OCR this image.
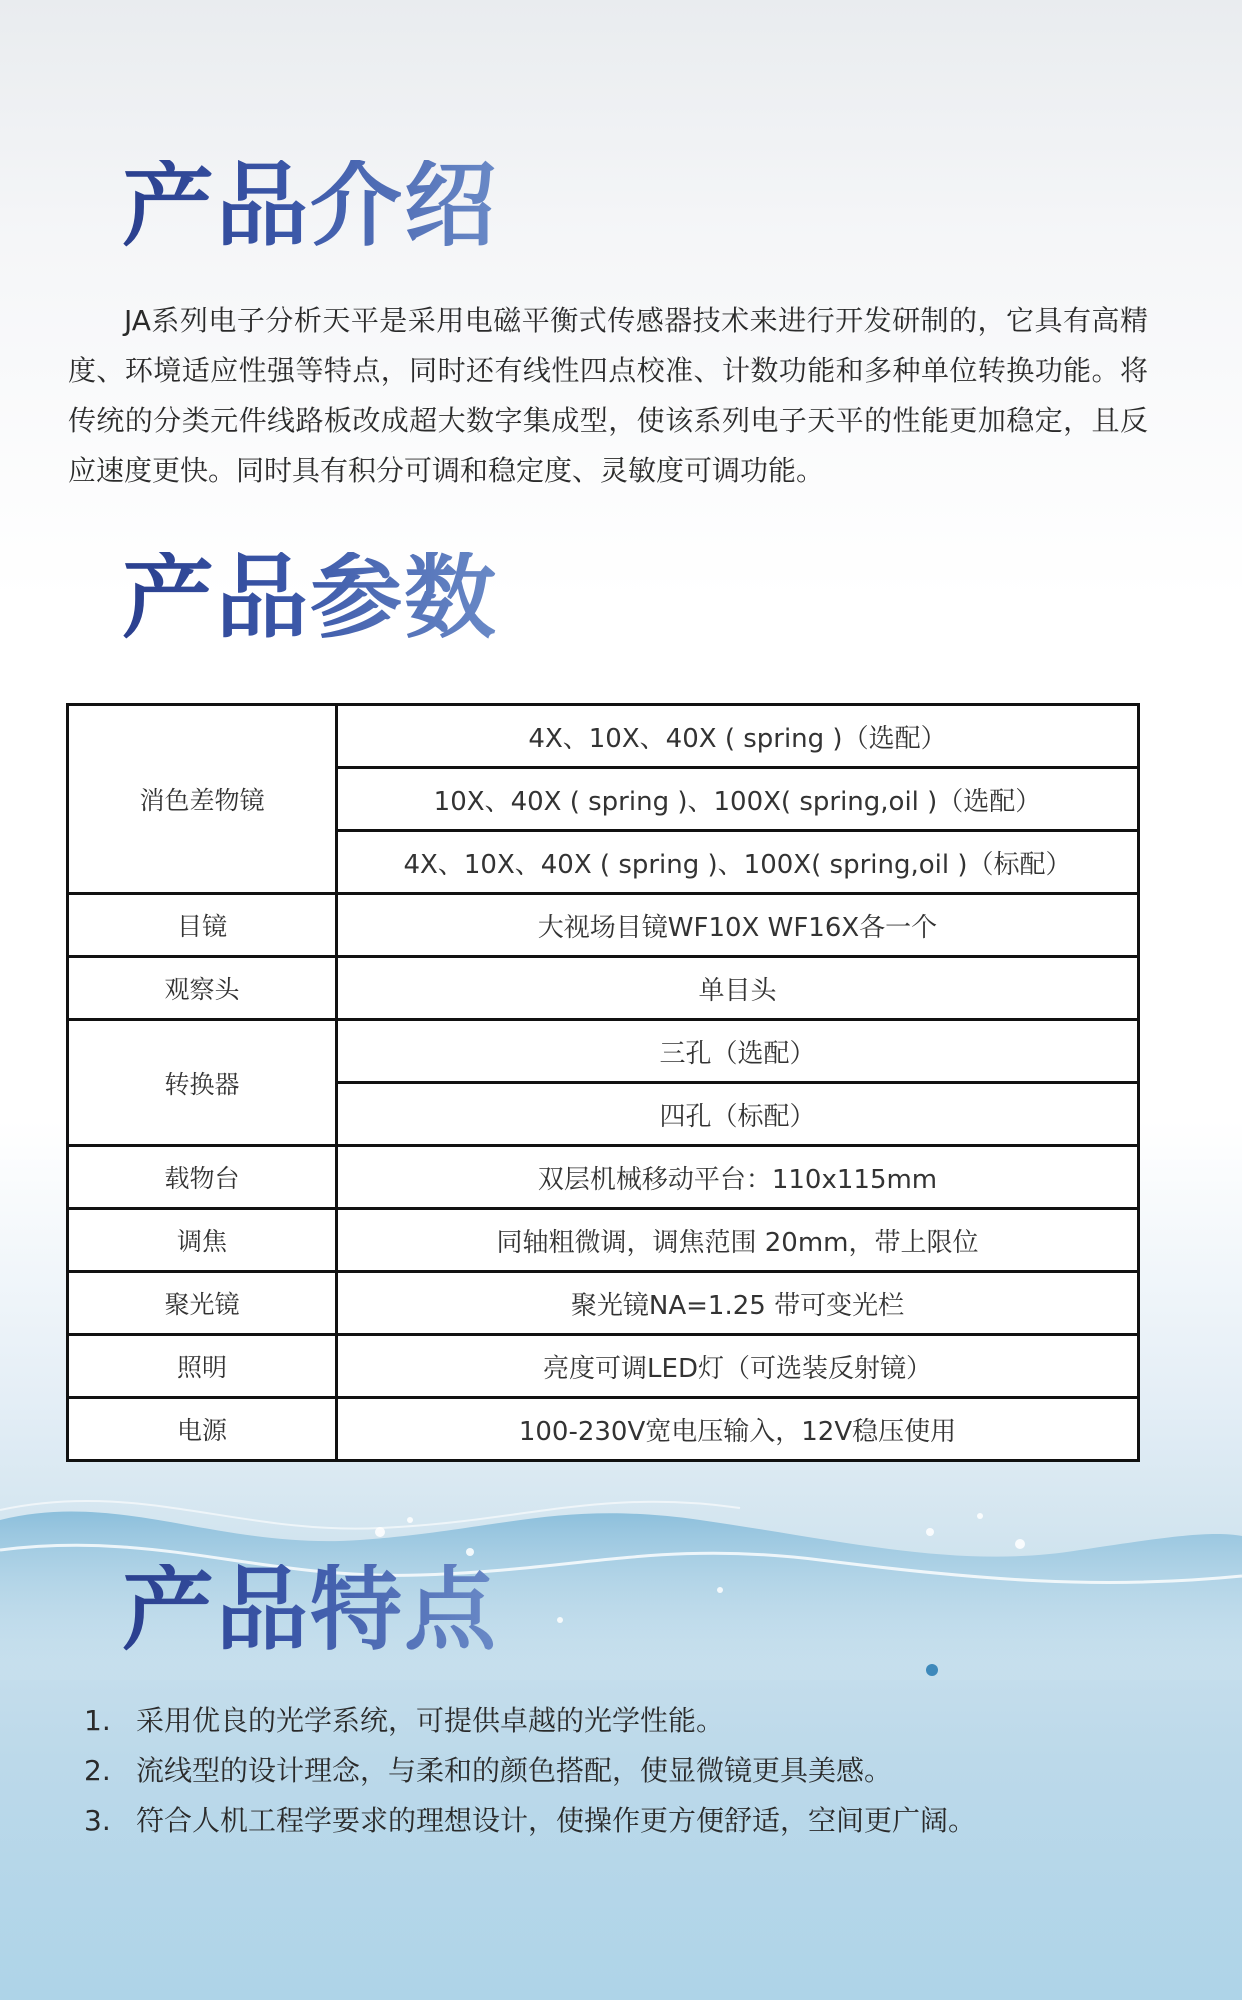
产品介绍

JA系列电子分析天平是采用电磁平衡式传感器技术来进行开发研制的，它具有高精度、环境适应性强等特点，同时还有线性四点校准、计数功能和多种单位转换功能。将传统的分类元件线路板改成超大数字集成型，使该系列电子天平的性能更加稳定，且反应速度更快。同时具有积分可调和稳定度、灵敏度可调功能。

产品参数
消色差物镜	4X、10X、40X ( spring )（选配）
	10X、40X ( spring )、100X( spring,oil )（选配）
	4X、10X、40X ( spring )、100X( spring,oil )（标配）
目镜	大视场目镜WF10X WF16X各一个
观察头	单目头
转换器	三孔（选配）
	四孔（标配）
载物台	双层机械移动平台：110x115mm
调焦	同轴粗微调，调焦范围 20mm，带上限位
聚光镜	聚光镜NA=1.25 带可变光栏
照明	亮度可调LED灯（可选装反射镜）
电源	100-230V宽电压输入，12V稳压使用
产品特点
1. 采用优良的光学系统，可提供卓越的光学性能。
2. 流线型的设计理念，与柔和的颜色搭配，使显微镜更具美感。
3. 符合人机工程学要求的理想设计，使操作更方便舒适，空间更广阔。
